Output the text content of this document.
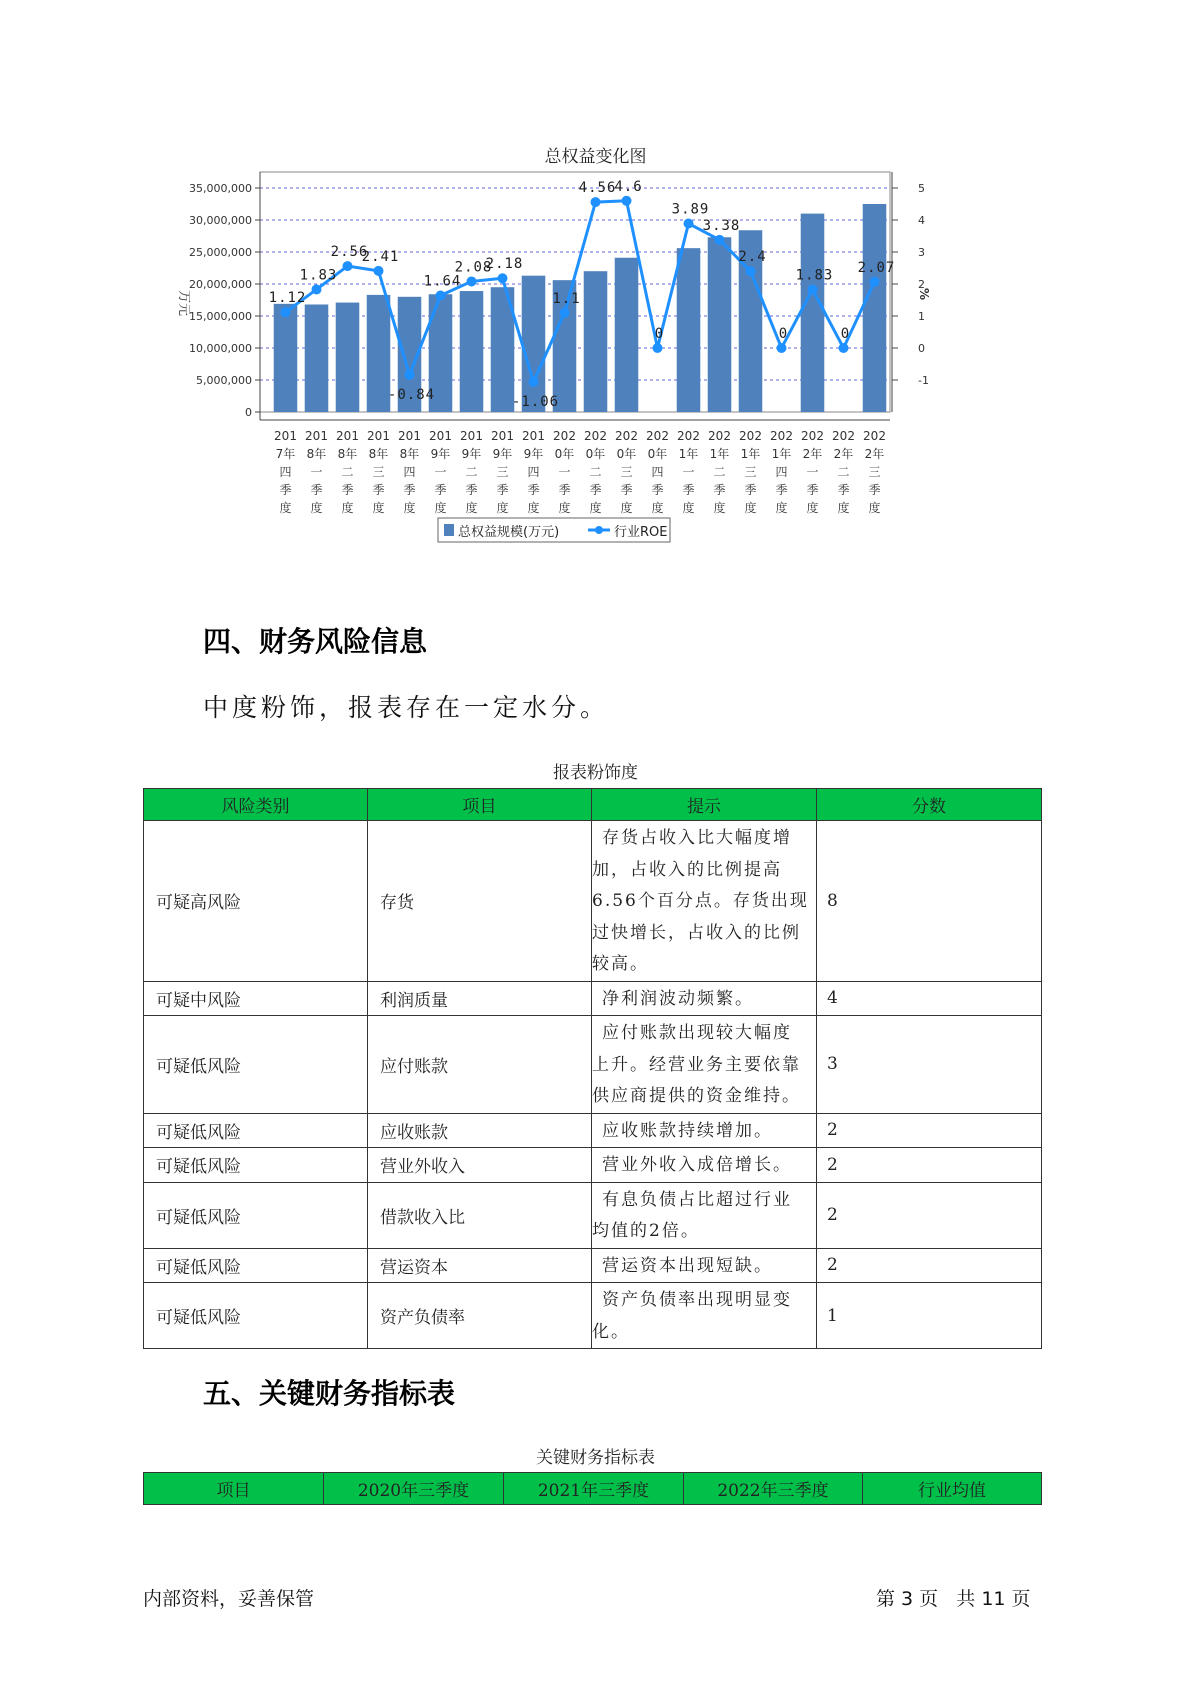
总权益变化图
0
5,000,000
10,000,000
15,000,000
20,000,000
25,000,000
30,000,000
35,000,000
-1
0
1
2
3
4
5
万元	%
1.12
1.83
2.56
2.41
-0.84
1.64
2.08
2.18
-1.06
1.1
4.56
4.6
0
3.89
3.38
2.4
0
1.83
0
2.07
201
7年
四
季
度
201
8年
一
季
度
201
8年
二
季
度
201
8年
三
季
度
201
8年
四
季
度
201
9年
一
季
度
201
9年
二
季
度
201
9年
三
季
度
201
9年
四
季
度
202
0年
一
季
度
202
0年
二
季
度
202
0年
三
季
度
202
0年
四
季
度
202
1年
一
季
度
202
1年
二
季
度
202
1年
三
季
度
202
1年
四
季
度
202
2年
一
季
度
202
2年
二
季
度
202
2年
三
季
度
总权益规模(万元)	行业ROE
四、财务风险信息
中度粉饰，报表存在一定水分。
报表粉饰度
风险类别	项目	提示	分数
可疑高风险	存货	存货占收入比大幅度增
加，占收入的比例提高
6.56个百分点。存货出现
过快增长，占收入的比例
较高。	8
可疑中风险	利润质量	净利润波动频繁。	4
可疑低风险	应付账款	应付账款出现较大幅度
上升。经营业务主要依靠
供应商提供的资金维持。	3
可疑低风险	应收账款	应收账款持续增加。	2
可疑低风险	营业外收入	营业外收入成倍增长。	2
可疑低风险	借款收入比	有息负债占比超过行业
均值的2倍。	2
可疑低风险	营运资本	营运资本出现短缺。	2
可疑低风险	资产负债率	资产负债率出现明显变
化。	1
五、关键财务指标表
关键财务指标表
项目	2020年三季度	2021年三季度	2022年三季度	行业均值
内部资料，妥善保管	第 3 页   共 11 页
